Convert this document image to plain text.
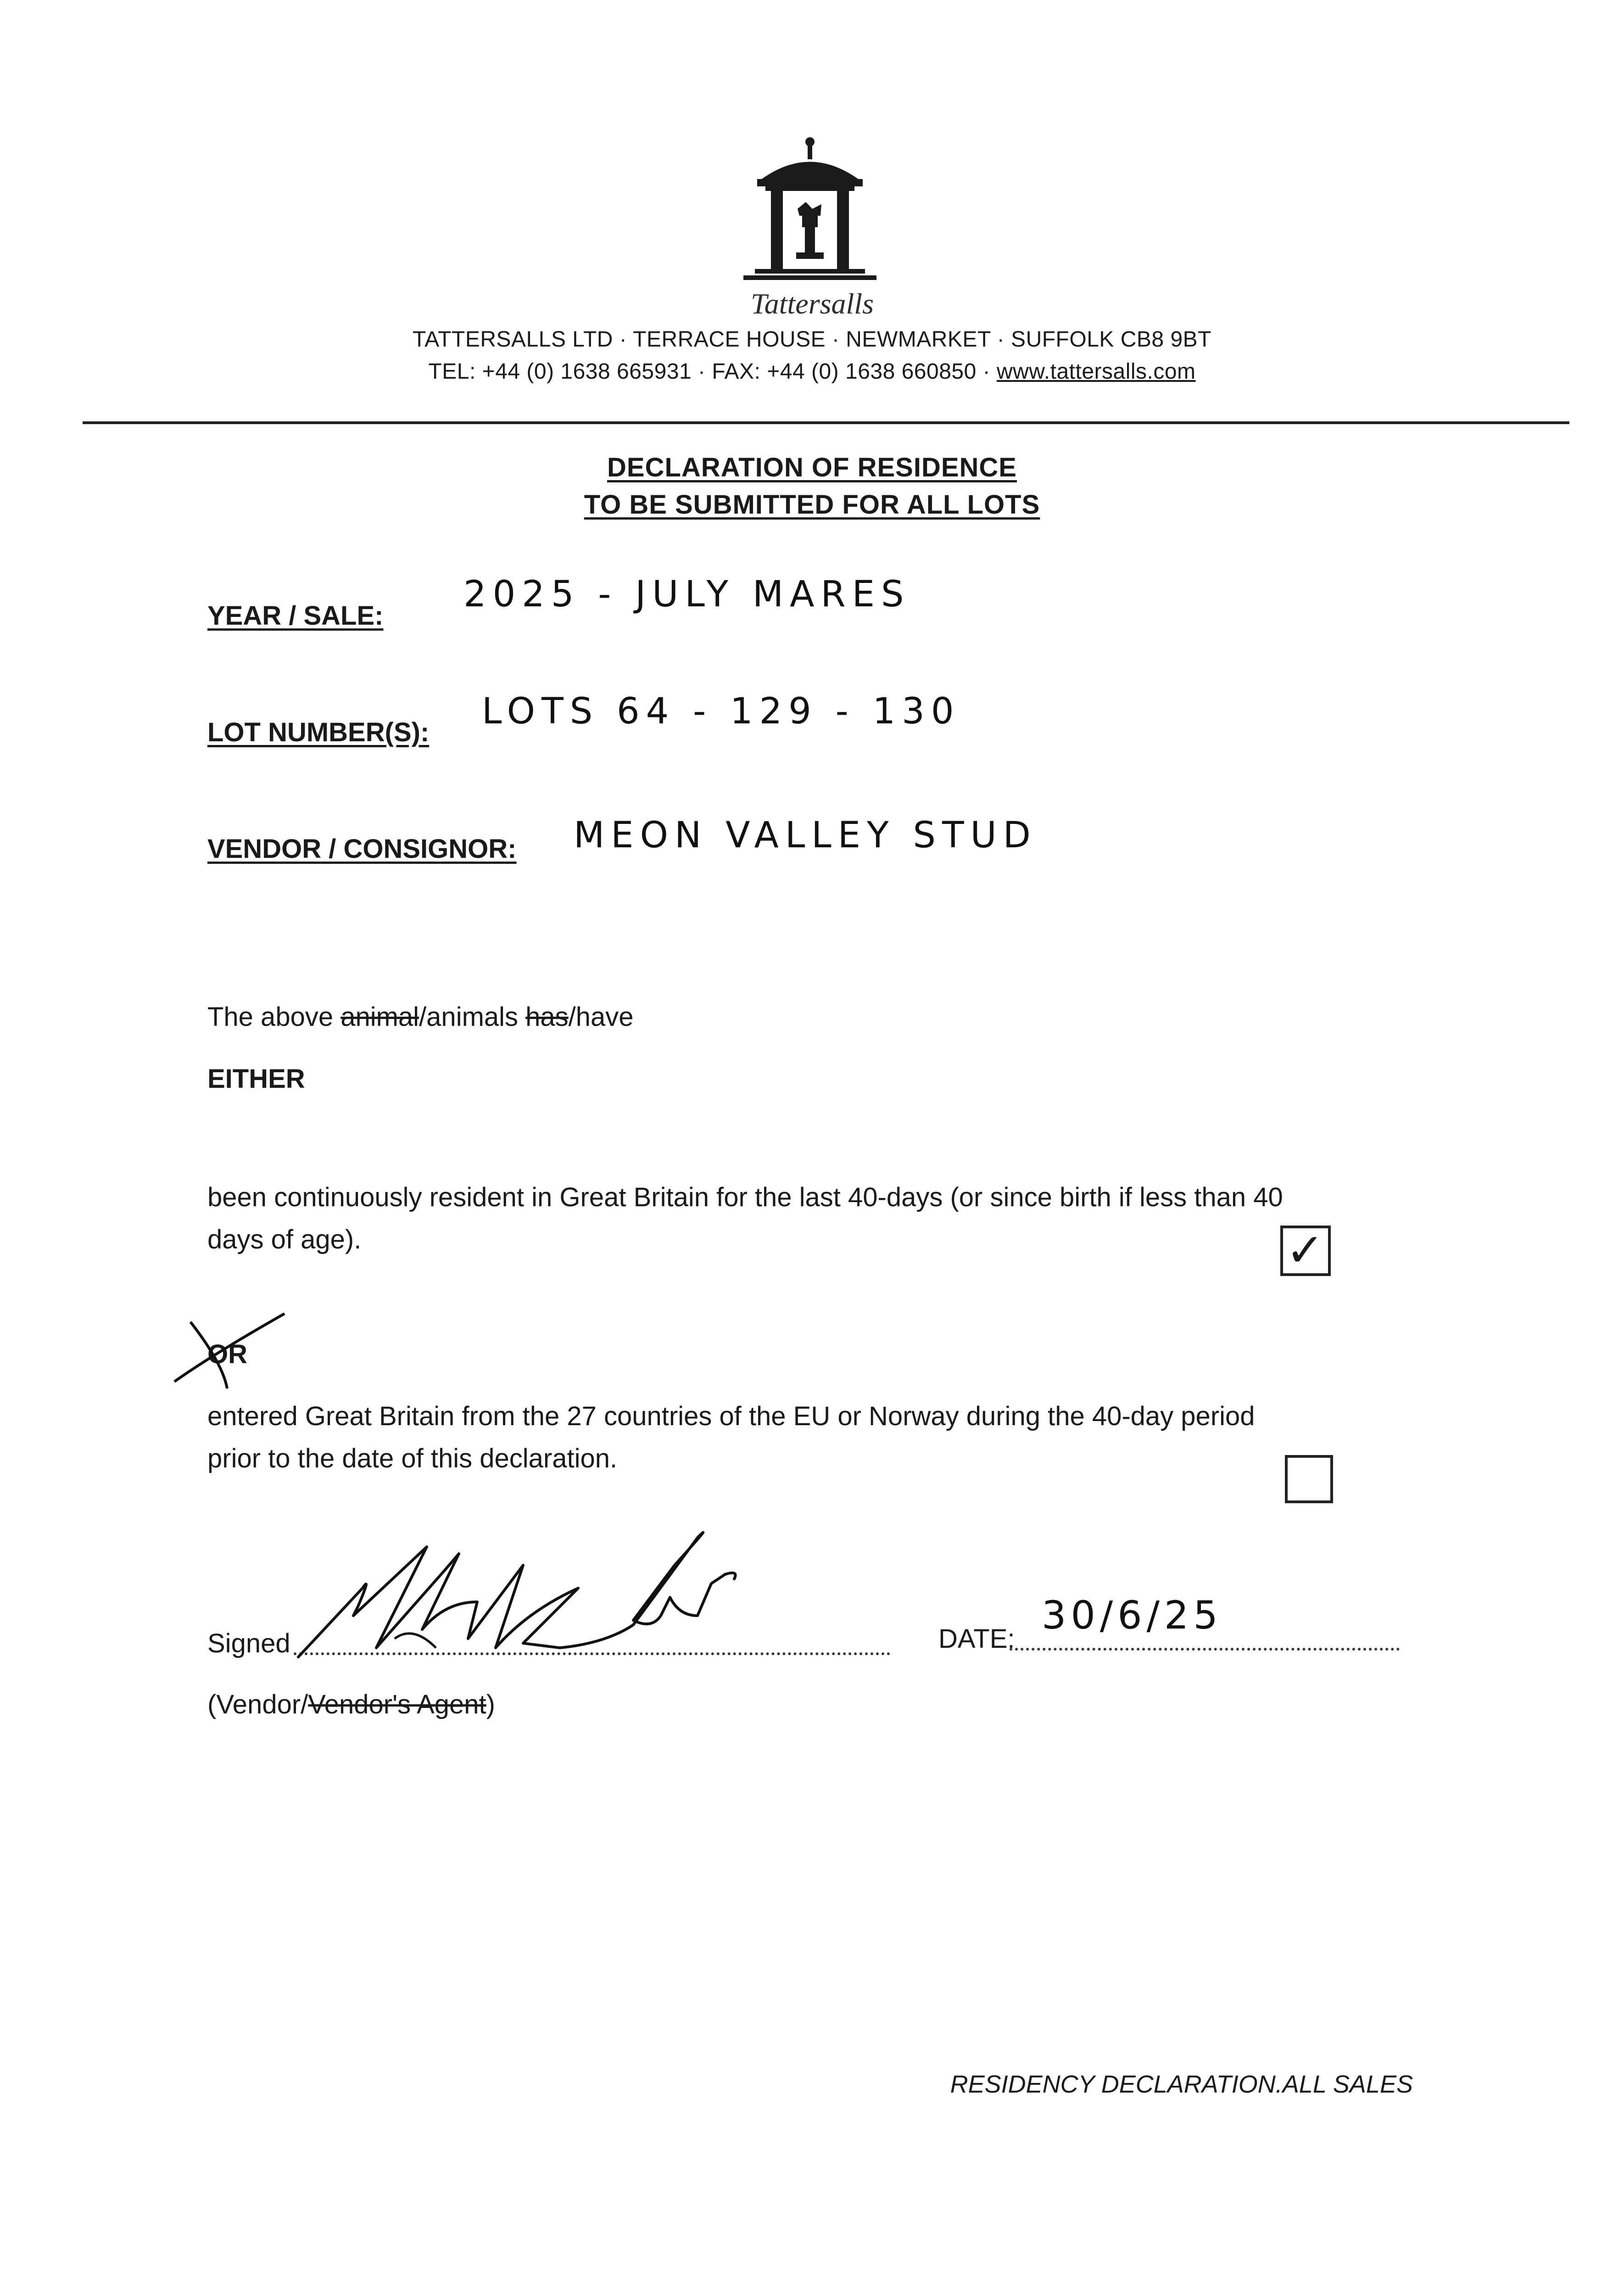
Tattersalls
TATTERSALLS LTD · TERRACE HOUSE · NEWMARKET · SUFFOLK CB8 9BT
TEL: +44 (0) 1638 665931 · FAX: +44 (0) 1638 660850 · www.tattersalls.com
DECLARATION OF RESIDENCE
TO BE SUBMITTED FOR ALL LOTS
YEAR / SALE:
2025 - JULY MARES
LOT NUMBER(S):
LOTS 64 - 129 - 130
VENDOR / CONSIGNOR: MEON VALLEY STUD
The above animal/animals has/have
EITHER
been continuously resident in Great Britain for the last 40-days (or since birth if less than 40
days of age).	✓
OR
entered Great Britain from the 27 countries of the EU or Norway during the 40-day period
prior to the date of this declaration.
Signed	DATE:
30/6/25
(Vendor/Vendor's Agent)
RESIDENCY DECLARATION.ALL SALES
